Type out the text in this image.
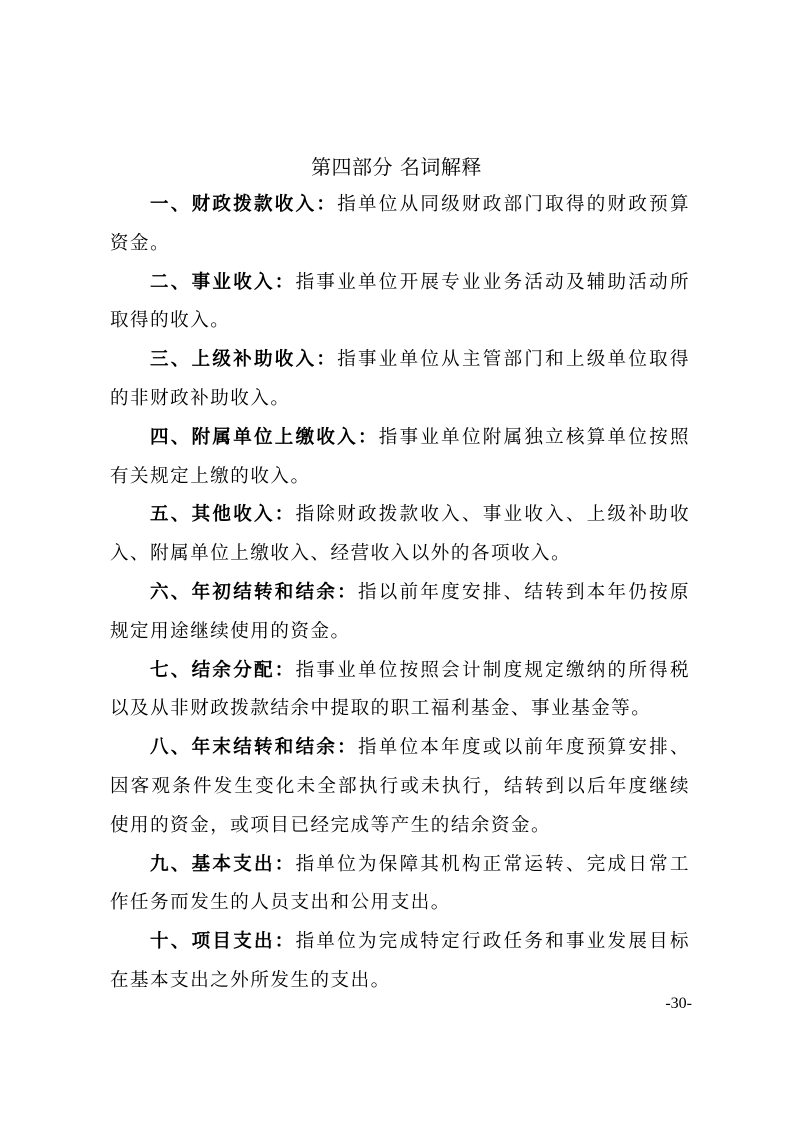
第四部分 名词解释

一、财政拨款收入：指单位从同级财政部门取得的财政预算资金。

二、事业收入：指事业单位开展专业业务活动及辅助活动所取得的收入。

三、上级补助收入：指事业单位从主管部门和上级单位取得的非财政补助收入。

四、附属单位上缴收入：指事业单位附属独立核算单位按照有关规定上缴的收入。

五、其他收入：指除财政拨款收入、事业收入、上级补助收入、附属单位上缴收入、经营收入以外的各项收入。

六、年初结转和结余：指以前年度安排、结转到本年仍按原规定用途继续使用的资金。

七、结余分配：指事业单位按照会计制度规定缴纳的所得税以及从非财政拨款结余中提取的职工福利基金、事业基金等。

八、年末结转和结余：指单位本年度或以前年度预算安排、因客观条件发生变化未全部执行或未执行，结转到以后年度继续使用的资金，或项目已经完成等产生的结余资金。

九、基本支出：指单位为保障其机构正常运转、完成日常工作任务而发生的人员支出和公用支出。

十、项目支出：指单位为完成特定行政任务和事业发展目标在基本支出之外所发生的支出。

-30-
